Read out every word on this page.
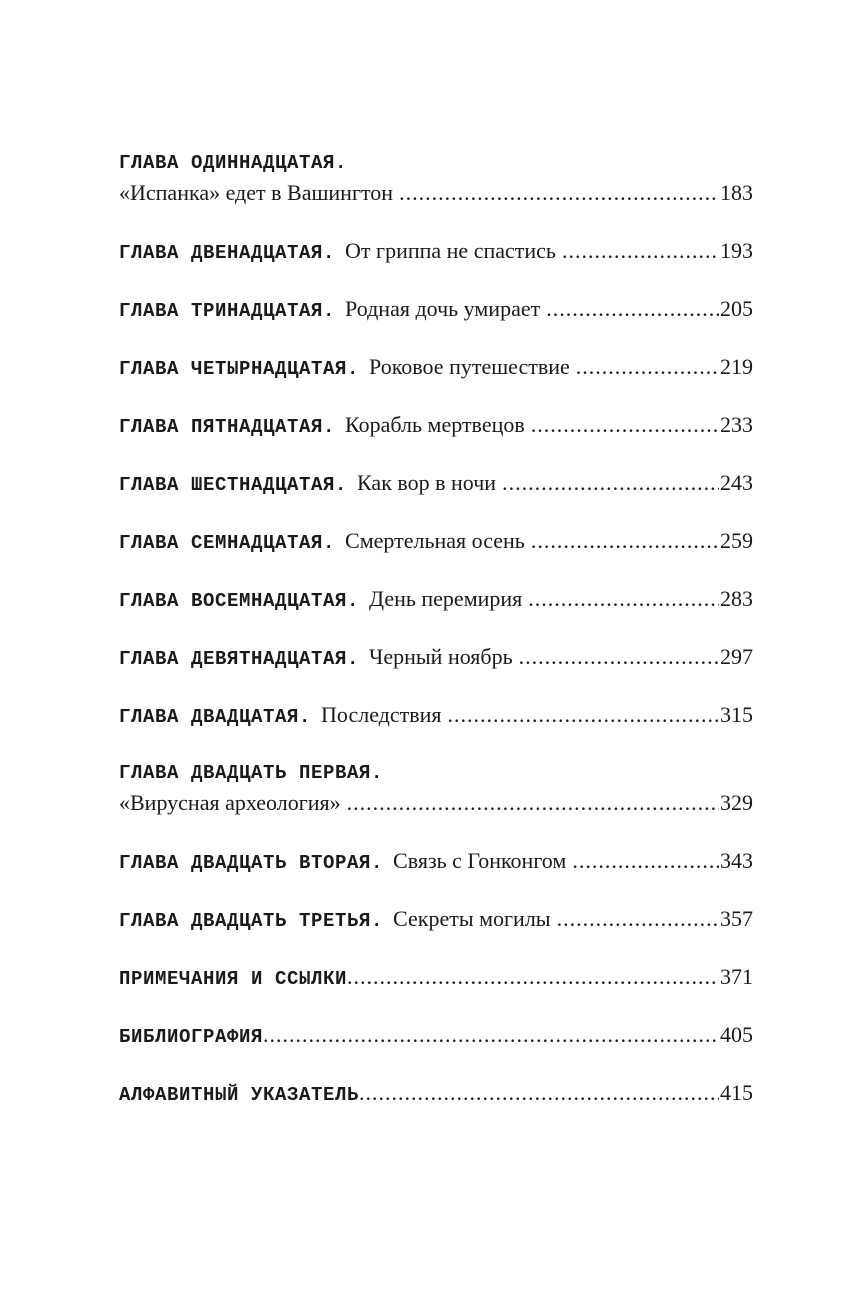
ГЛАВА ОДИННАДЦАТАЯ.
«Испанка» едет в Вашингтон .....	183
ГЛАВА ДВЕНАДЦАТАЯ. От гриппа не спастись .....	193
ГЛАВА ТРИНАДЦАТАЯ. Родная дочь умирает .....	205
ГЛАВА ЧЕТЫРНАДЦАТАЯ. Роковое путешествие .....	219
ГЛАВА ПЯТНАДЦАТАЯ. Корабль мертвецов .....	233
ГЛАВА ШЕСТНАДЦАТАЯ. Как вор в ночи .....	243
ГЛАВА СЕМНАДЦАТАЯ. Смертельная осень .....	259
ГЛАВА ВОСЕМНАДЦАТАЯ. День перемирия .....	283
ГЛАВА ДЕВЯТНАДЦАТАЯ. Черный ноябрь .....	297
ГЛАВА ДВАДЦАТАЯ. Последствия .....	315
ГЛАВА ДВАДЦАТЬ ПЕРВАЯ.
«Вирусная археология» .....	329
ГЛАВА ДВАДЦАТЬ ВТОРАЯ. Связь с Гонконгом .....	343
ГЛАВА ДВАДЦАТЬ ТРЕТЬЯ. Секреты могилы .....	357
ПРИМЕЧАНИЯ И ССЫЛКИ .....	371
БИБЛИОГРАФИЯ .....	405
АЛФАВИТНЫЙ УКАЗАТЕЛЬ .....	415
